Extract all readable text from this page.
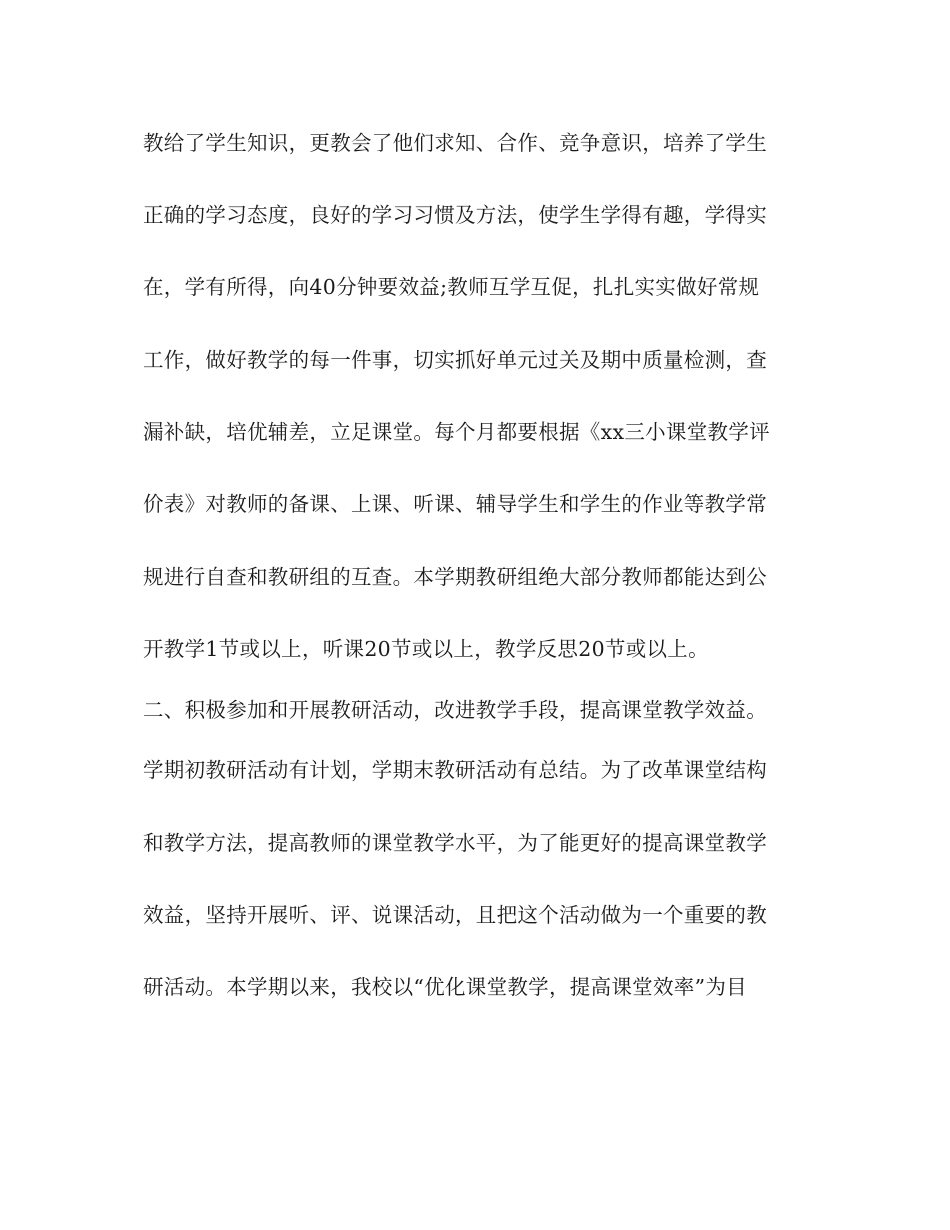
教给了学生知识，更教会了他们求知、合作、竞争意识，培养了学生
正确的学习态度，良好的学习习惯及方法，使学生学得有趣，学得实
在，学有所得，向40分钟要效益;教师互学互促，扎扎实实做好常规
工作，做好教学的每一件事，切实抓好单元过关及期中质量检测，查
漏补缺，培优辅差，立足课堂。每个月都要根据《xx三小课堂教学评
价表》对教师的备课、上课、听课、辅导学生和学生的作业等教学常
规进行自查和教研组的互查。本学期教研组绝大部分教师都能达到公
开教学1节或以上，听课20节或以上，教学反思20节或以上。
二、积极参加和开展教研活动，改进教学手段，提高课堂教学效益。
学期初教研活动有计划，学期末教研活动有总结。为了改革课堂结构
和教学方法，提高教师的课堂教学水平，为了能更好的提高课堂教学
效益，坚持开展听、评、说课活动，且把这个活动做为一个重要的教
研活动。本学期以来，我校以“优化课堂教学，提高课堂效率”为目
